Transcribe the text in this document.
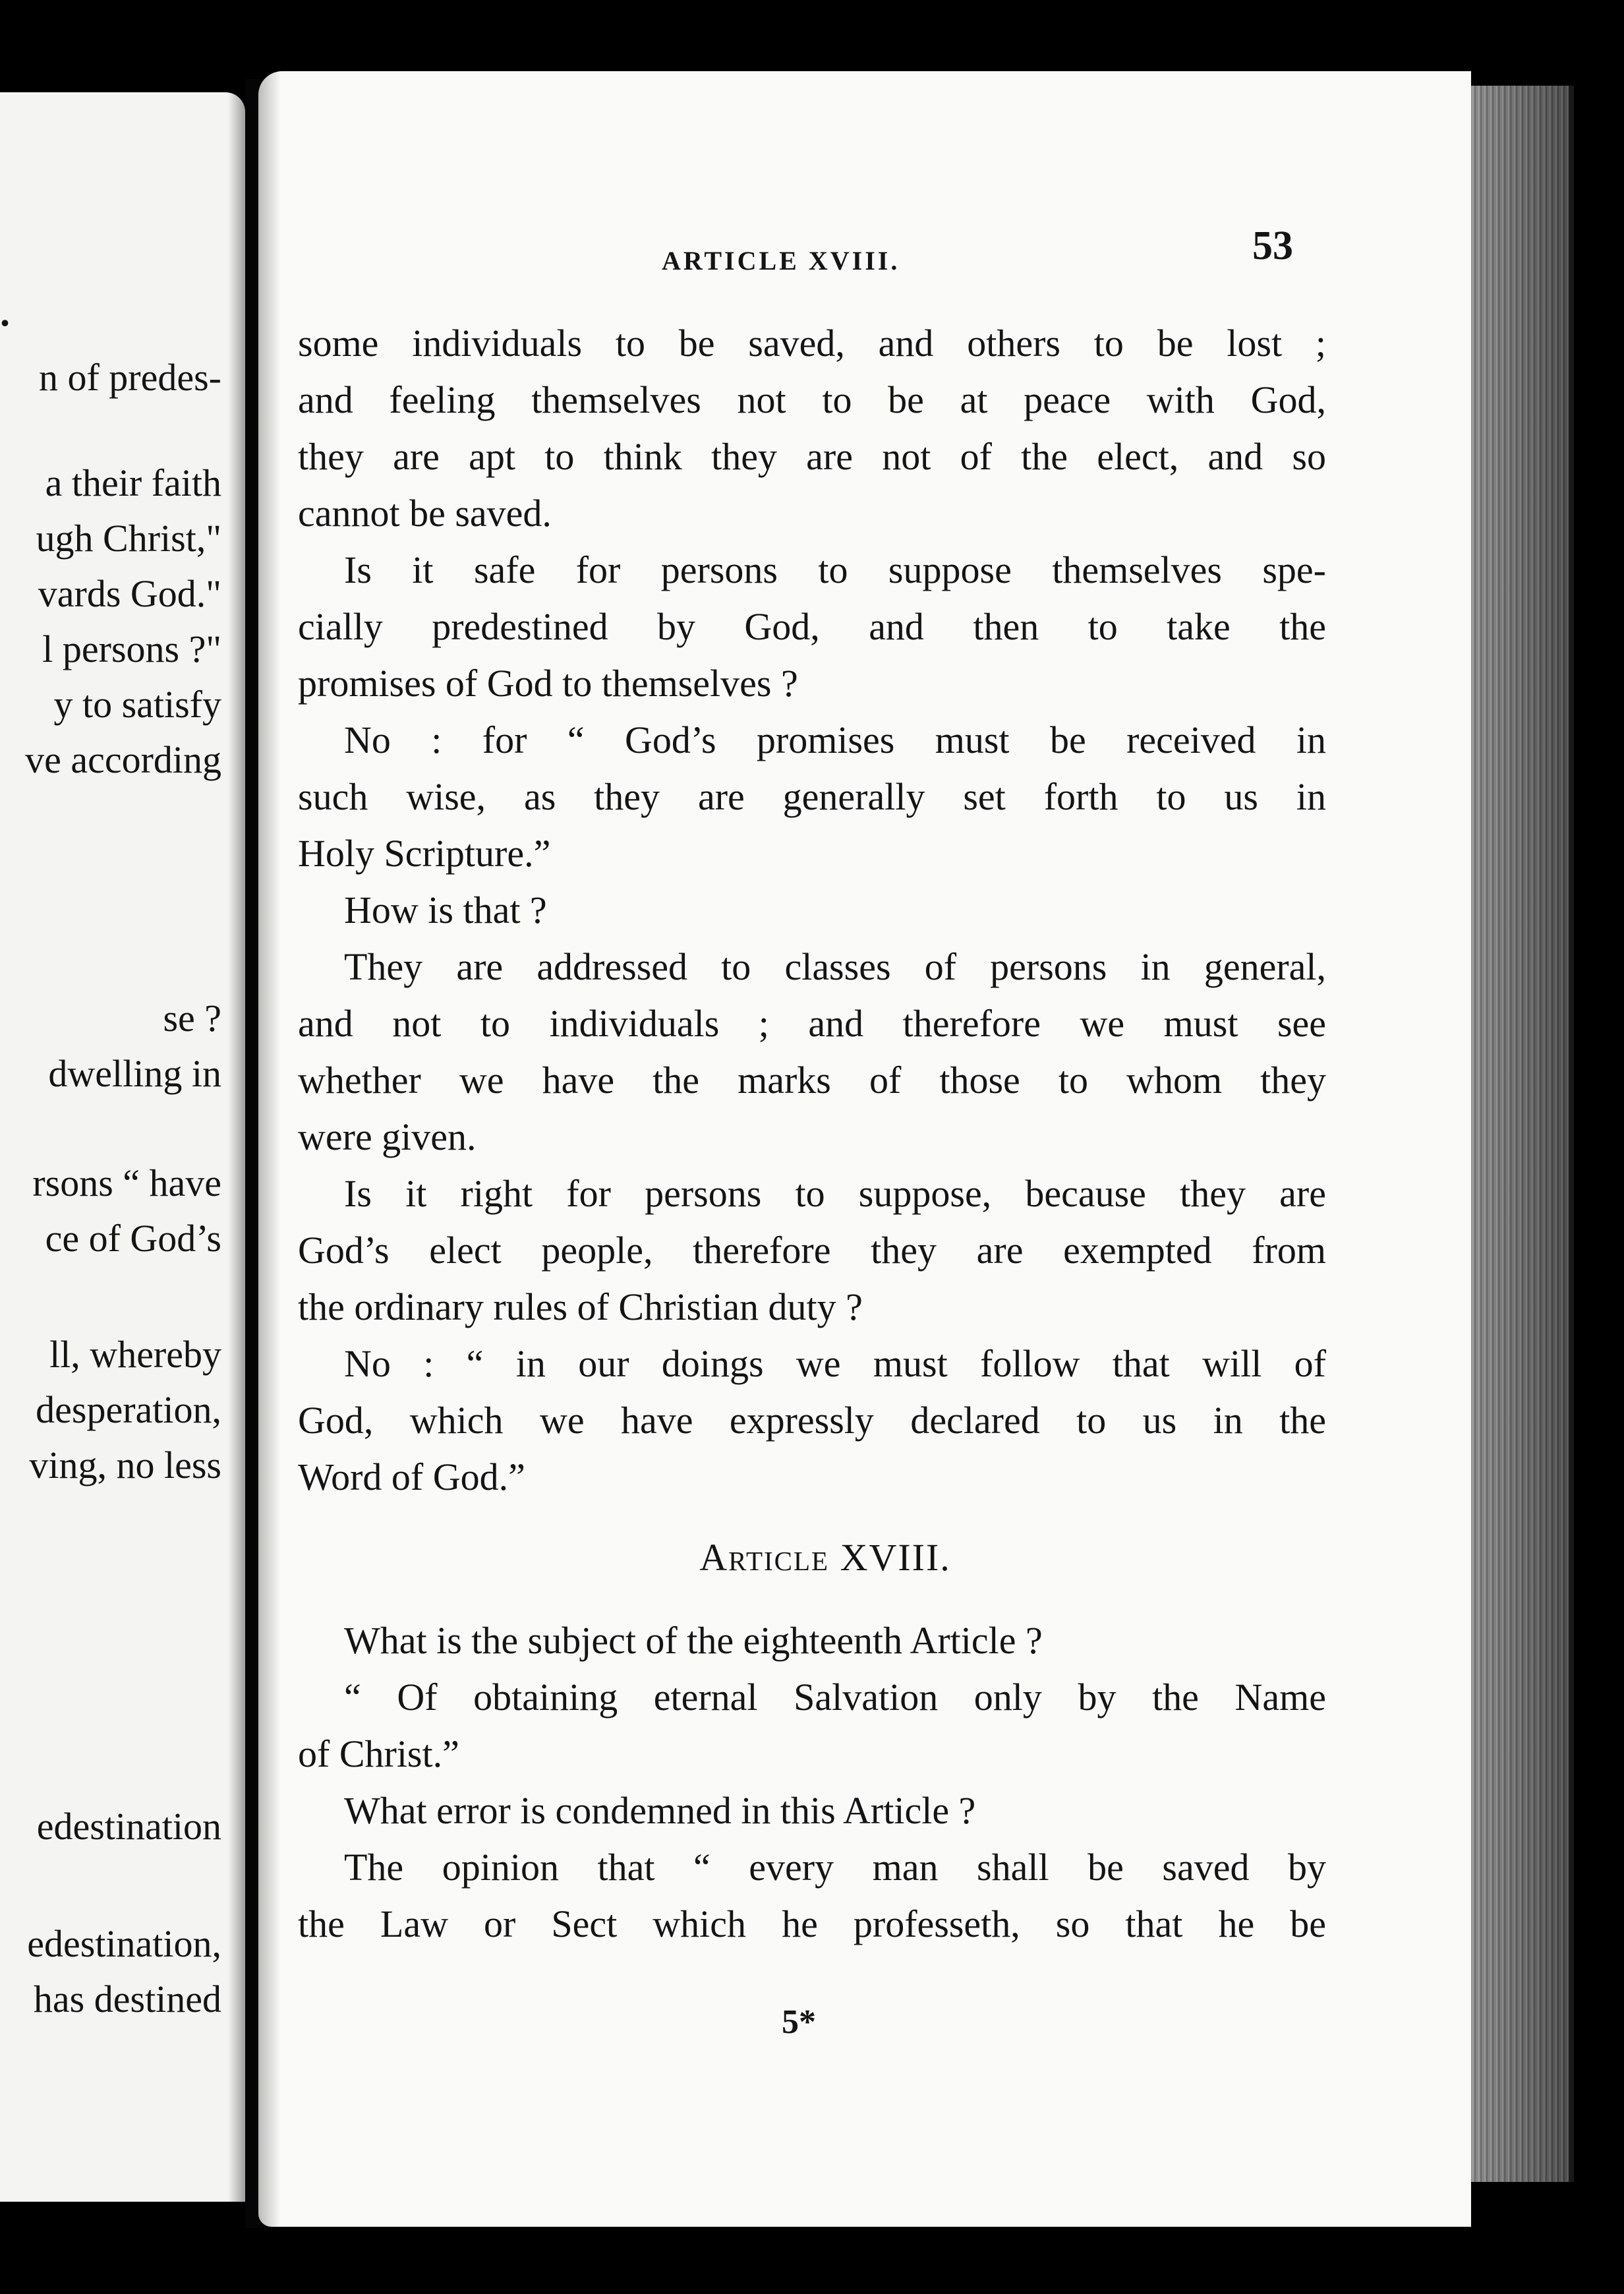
.
n of predes-
a their faith
ugh Christ,"
vards God."
l persons ?"
y to satisfy
ve according
se ?
dwelling in
rsons “ have
ce of God’s
ll, whereby
desperation,
ving, no less
edestination
edestination,
has destined
ARTICLE XVIII.	53
some individuals to be saved, and others to be lost ;
and feeling themselves not to be at peace with God,
they are apt to think they are not of the elect, and so
cannot be saved.
Is it safe for persons to suppose themselves spe-
cially predestined by God, and then to take the
promises of God to themselves ?
No : for “ God’s promises must be received in
such wise, as they are generally set forth to us in
Holy Scripture.”
How is that ?
They are addressed to classes of persons in general,
and not to individuals ; and therefore we must see
whether we have the marks of those to whom they
were given.
Is it right for persons to suppose, because they are
God’s elect people, therefore they are exempted from
the ordinary rules of Christian duty ?
No : “ in our doings we must follow that will of
God, which we have expressly declared to us in the
Word of God.”
Article XVIII.
What is the subject of the eighteenth Article ?
“ Of obtaining eternal Salvation only by the Name
of Christ.”
What error is condemned in this Article ?
The opinion that “ every man shall be saved by
the Law or Sect which he professeth, so that he be
5*
